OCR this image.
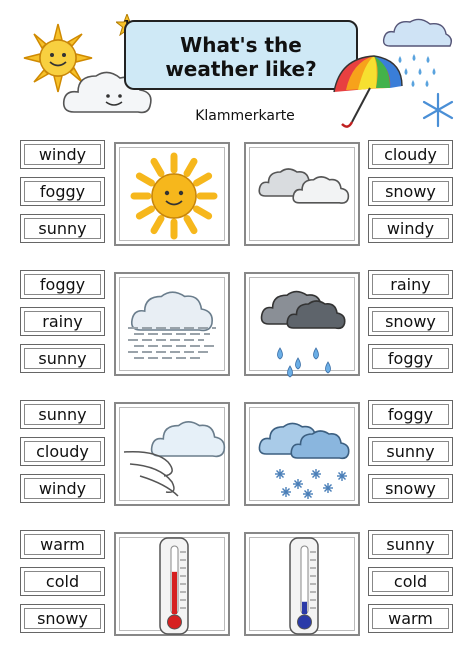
What's the
weather like?
Klammerkarte
windy
foggy
sunny
cloudy
snowy
windy
foggy
rainy
sunny
rainy
snowy
foggy
sunny
cloudy
windy
foggy
sunny
snowy
warm
cold
snowy
sunny
cold
warm
